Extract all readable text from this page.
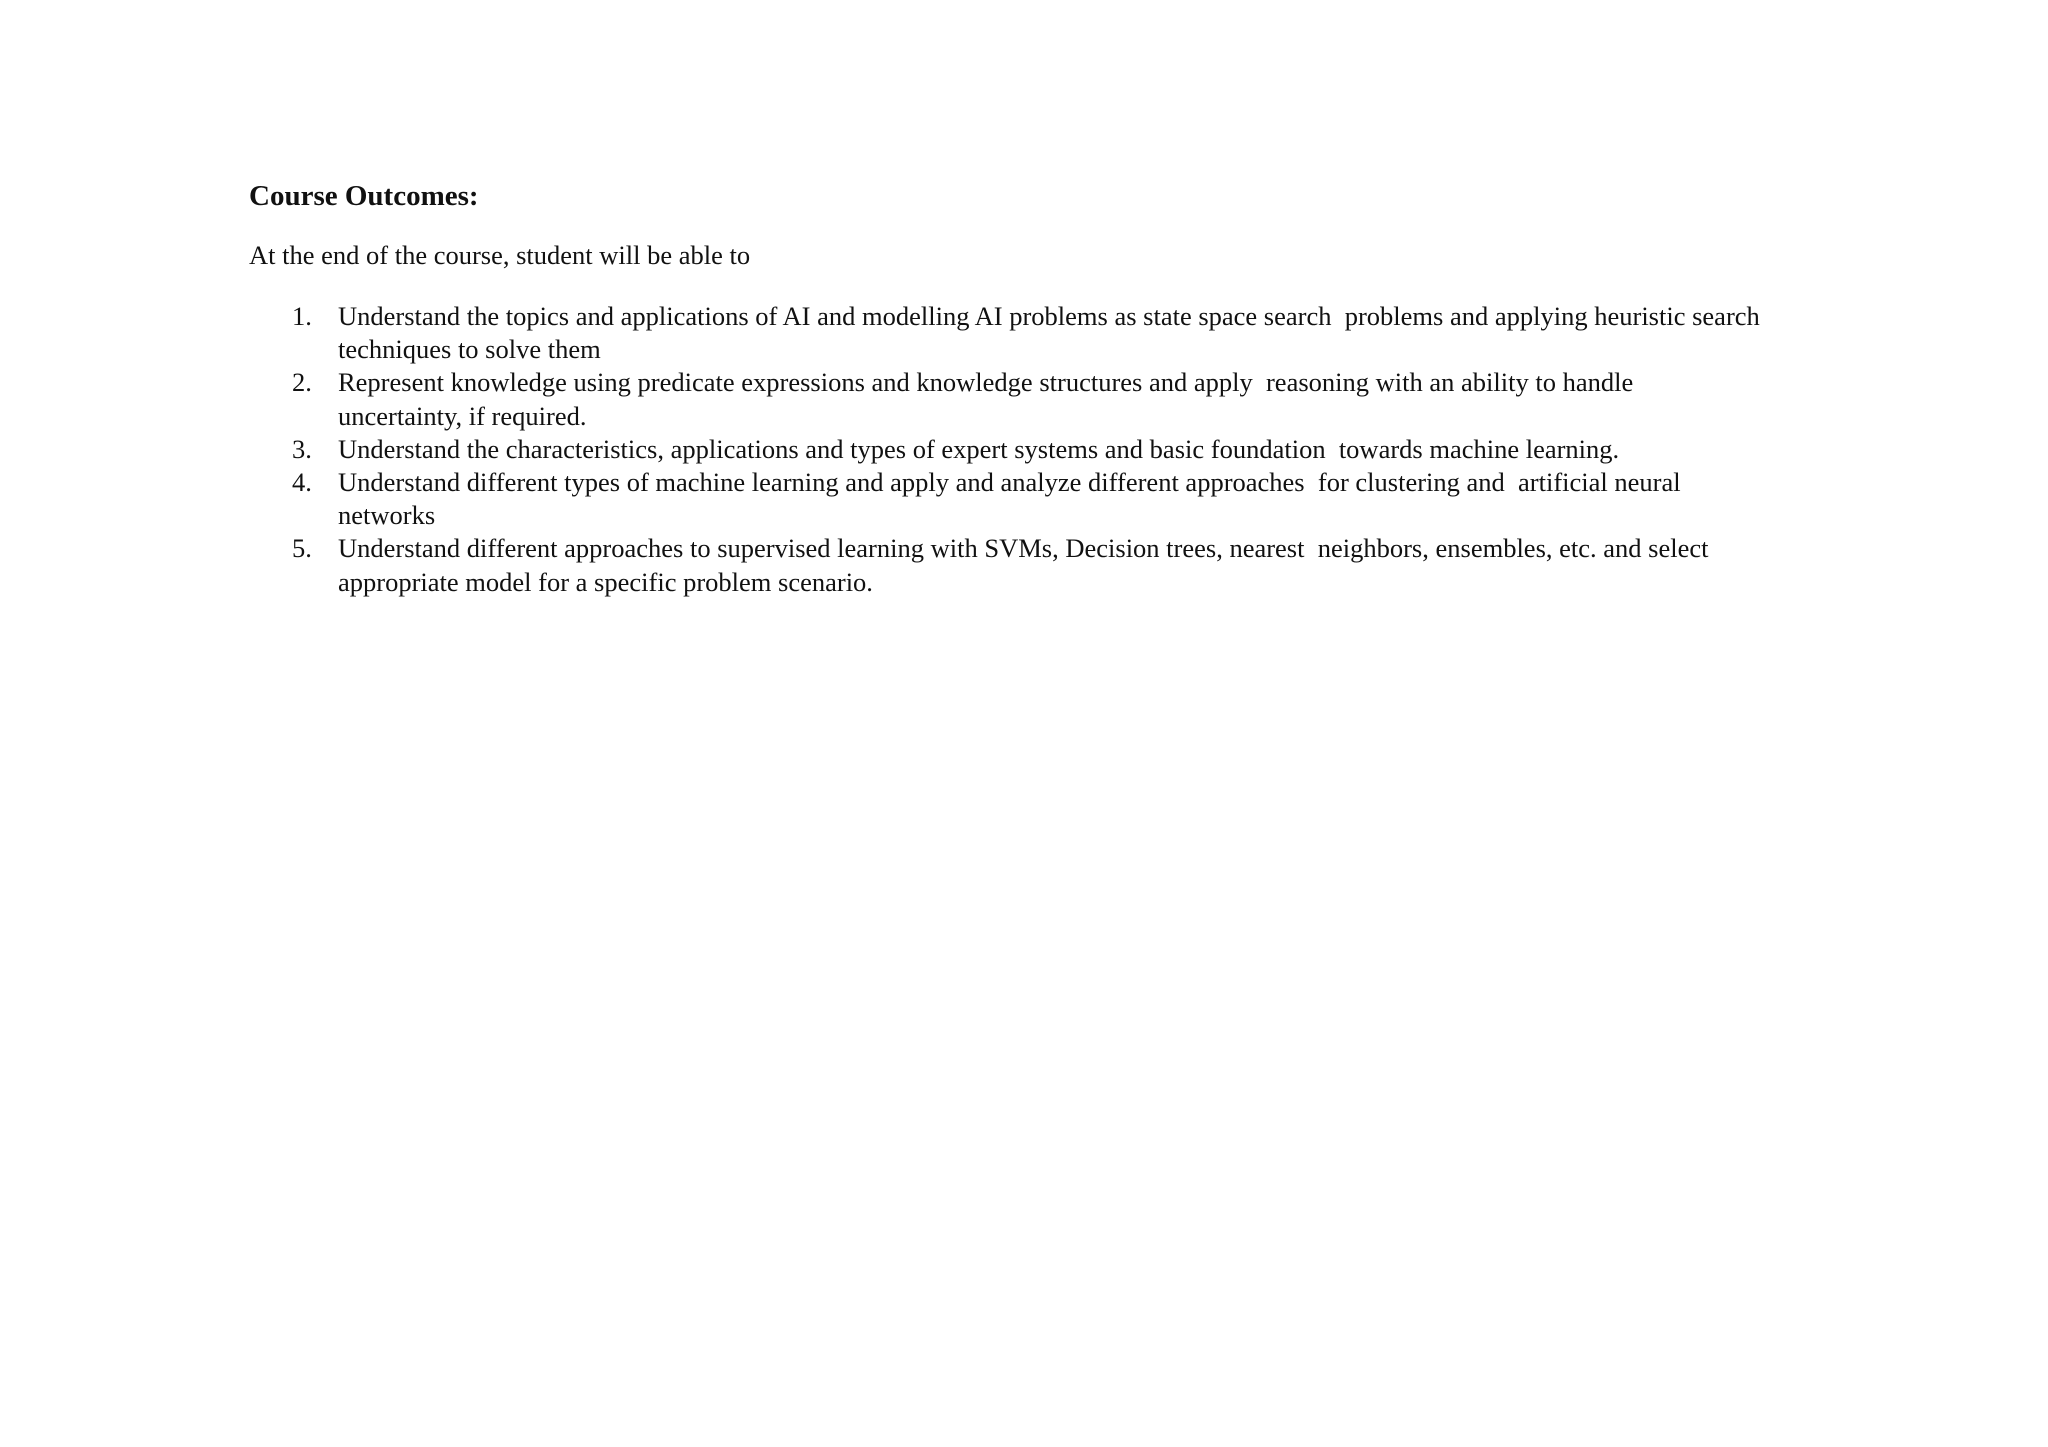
Course Outcomes:

At the end of the course, student will be able to

1. Understand the topics and applications of AI and modelling AI problems as state space search  problems and applying heuristic search
techniques to solve them
2. Represent knowledge using predicate expressions and knowledge structures and apply  reasoning with an ability to handle
uncertainty, if required.
3. Understand the characteristics, applications and types of expert systems and basic foundation  towards machine learning.
4. Understand different types of machine learning and apply and analyze different approaches  for clustering and  artificial neural
networks
5. Understand different approaches to supervised learning with SVMs, Decision trees, nearest  neighbors, ensembles, etc. and select
appropriate model for a specific problem scenario.
